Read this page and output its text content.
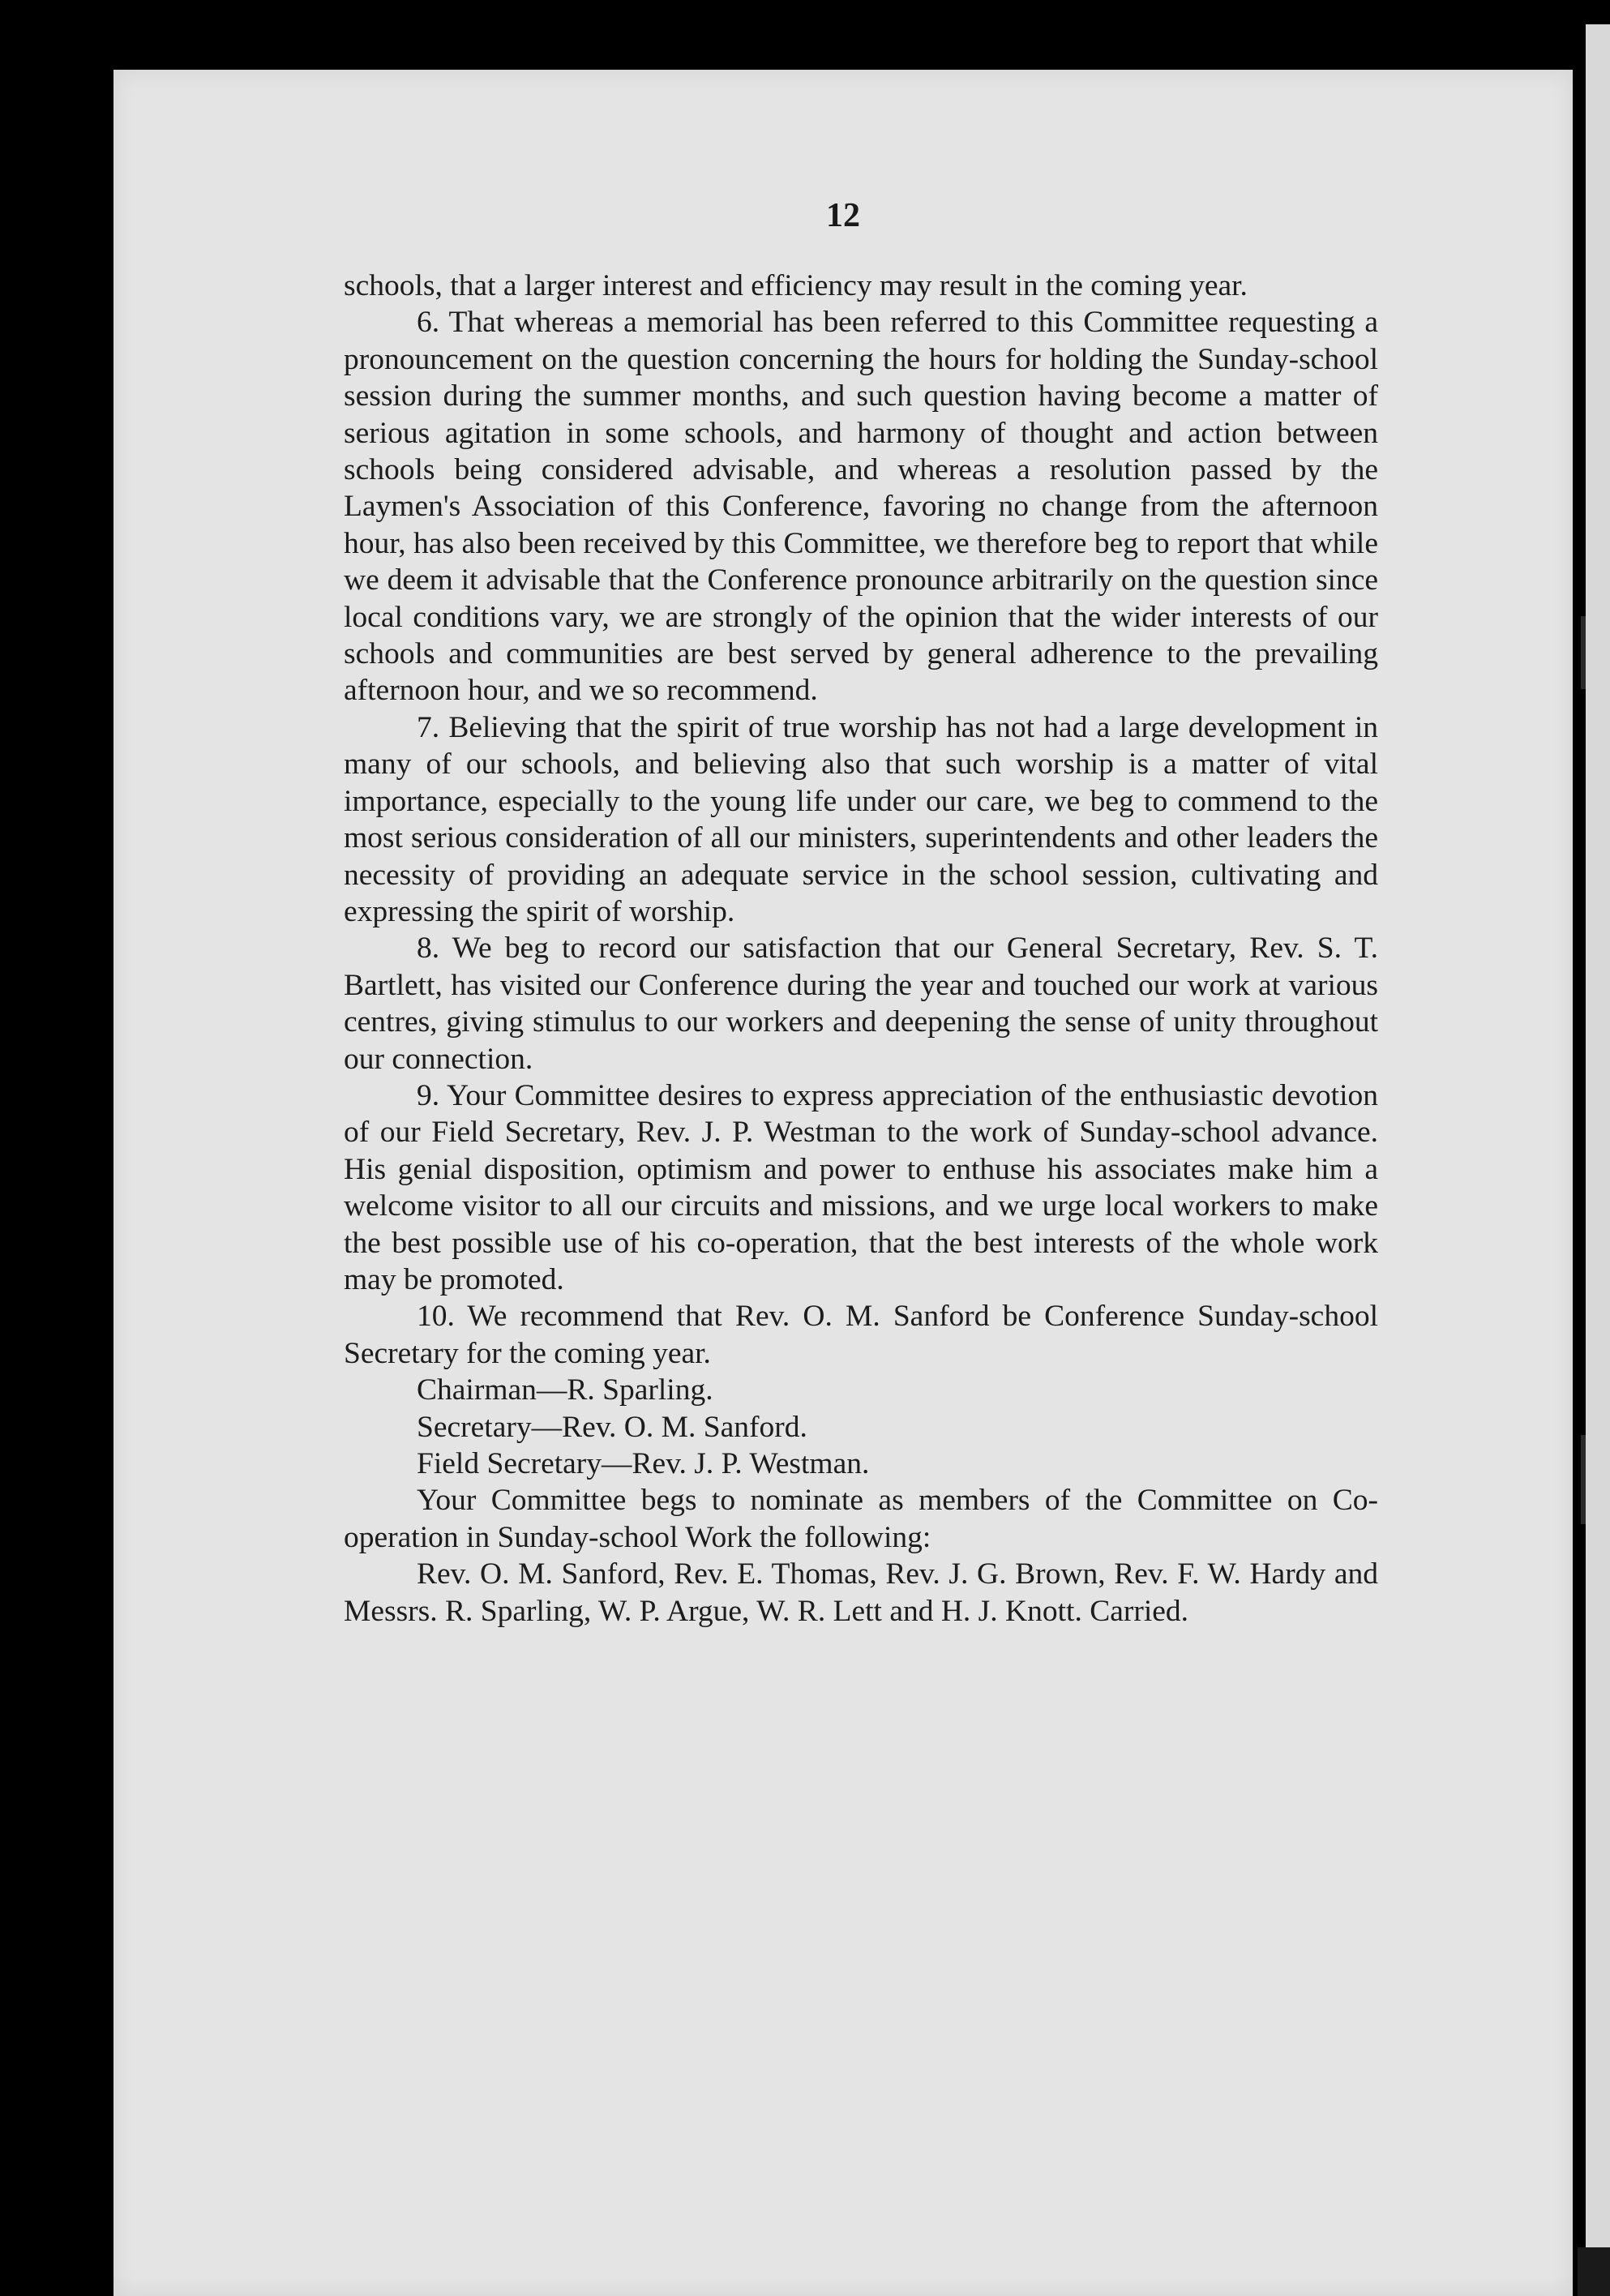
12

schools, that a larger interest and efficiency may result in the coming year.

6. That whereas a memorial has been referred to this Committee requesting a pronouncement on the question concerning the hours for holding the Sunday-school session during the summer months, and such question having become a matter of serious agitation in some schools, and harmony of thought and action between schools being considered advisable, and whereas a resolution passed by the Laymen's Association of this Conference, favoring no change from the afternoon hour, has also been received by this Committee, we therefore beg to report that while we deem it advisable that the Conference pronounce arbitrarily on the question since local conditions vary, we are strongly of the opinion that the wider interests of our schools and communities are best served by general adherence to the prevailing afternoon hour, and we so recommend.

7. Believing that the spirit of true worship has not had a large development in many of our schools, and believing also that such worship is a matter of vital importance, especially to the young life under our care, we beg to commend to the most serious consideration of all our ministers, superintendents and other leaders the necessity of providing an adequate service in the school session, cultivating and expressing the spirit of worship.

8. We beg to record our satisfaction that our General Secretary, Rev. S. T. Bartlett, has visited our Conference during the year and touched our work at various centres, giving stimulus to our workers and deepening the sense of unity throughout our connection.

9. Your Committee desires to express appreciation of the enthusiastic devotion of our Field Secretary, Rev. J. P. Westman to the work of Sunday-school advance. His genial disposition, optimism and power to enthuse his associates make him a welcome visitor to all our circuits and missions, and we urge local workers to make the best possible use of his co-operation, that the best interests of the whole work may be promoted.

10. We recommend that Rev. O. M. Sanford be Conference Sunday-school Secretary for the coming year.

Chairman—R. Sparling.

Secretary—Rev. O. M. Sanford.

Field Secretary—Rev. J. P. Westman.

Your Committee begs to nominate as members of the Committee on Co-operation in Sunday-school Work the following:

Rev. O. M. Sanford, Rev. E. Thomas, Rev. J. G. Brown, Rev. F. W. Hardy and Messrs. R. Sparling, W. P. Argue, W. R. Lett and H. J. Knott. Carried.
